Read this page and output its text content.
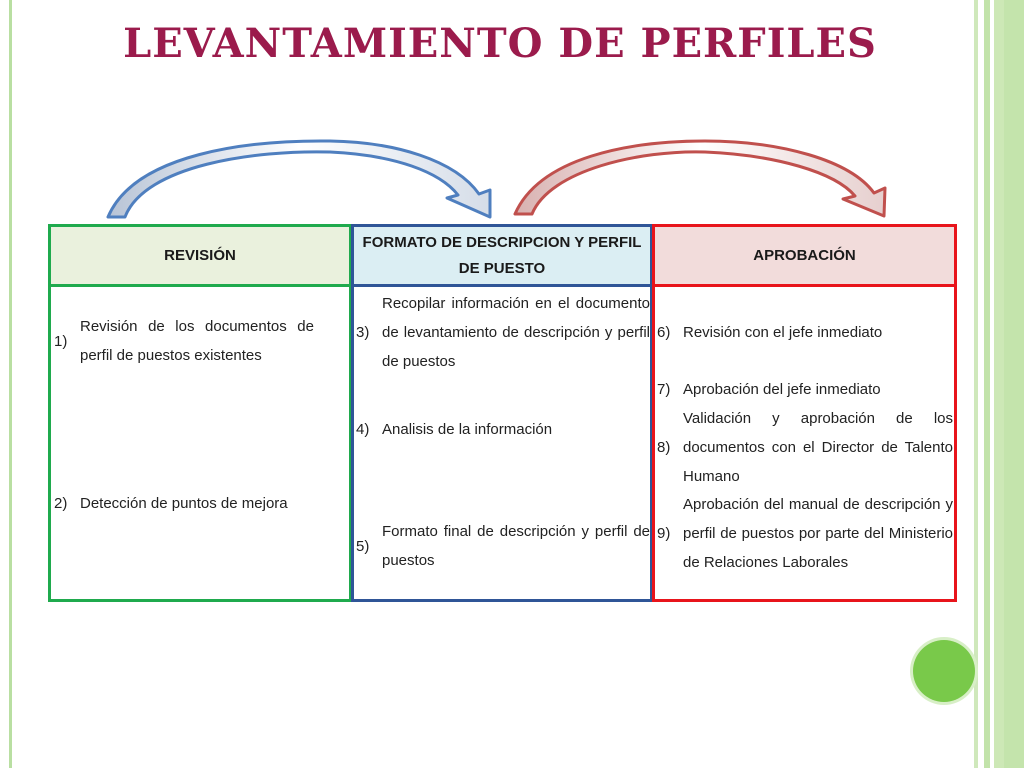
LEVANTAMIENTO DE PERFILES
REVISIÓN
1)
Revisión de los documentos de perfil de puestos existentes
2) Detección de puntos de mejora
FORMATO DE DESCRIPCION Y PERFIL DE PUESTO
3)
Recopilar información en el documento de levantamiento de descripción y perfil de puestos
4) Analisis de la información
5)
Formato final de descripción y perfil de puestos
APROBACIÓN
6) Revisión con el jefe inmediato
7) Aprobación del jefe inmediato
8)
Validación y aprobación de los documentos con el Director de Talento Humano
9)
Aprobación del manual de descripción y perfil de puestos por parte del Ministerio de Relaciones Laborales
